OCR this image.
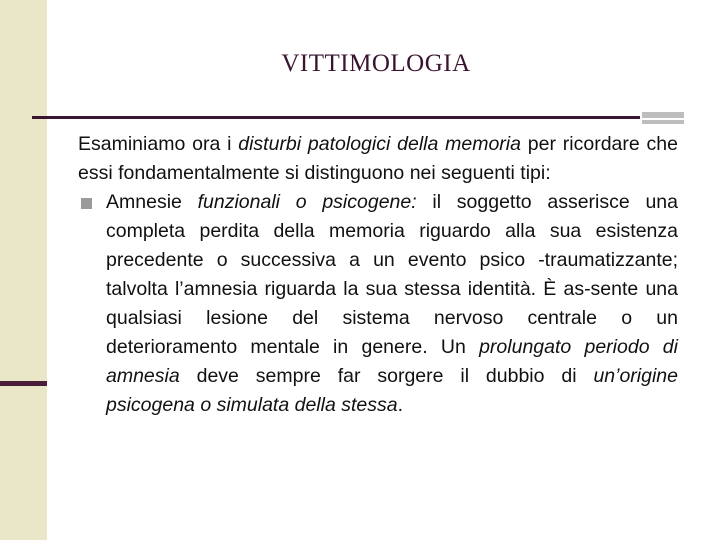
VITTIMOLOGIA

Esaminiamo ora i disturbi patologici della memoria per ricordare che essi fondamentalmente si distinguono nei seguenti tipi:

Amnesie funzionali o psicogene: il soggetto asserisce una completa perdita della memoria riguardo alla sua esistenza precedente o successiva a un evento psico -traumatizzante; talvolta l’amnesia riguarda la sua stessa identità. È as-sente una qualsiasi lesione del sistema nervoso centrale o un deterioramento mentale in genere. Un prolungato periodo di amnesia deve sempre far sorgere il dubbio di un’origine psicogena o simulata della stessa.
